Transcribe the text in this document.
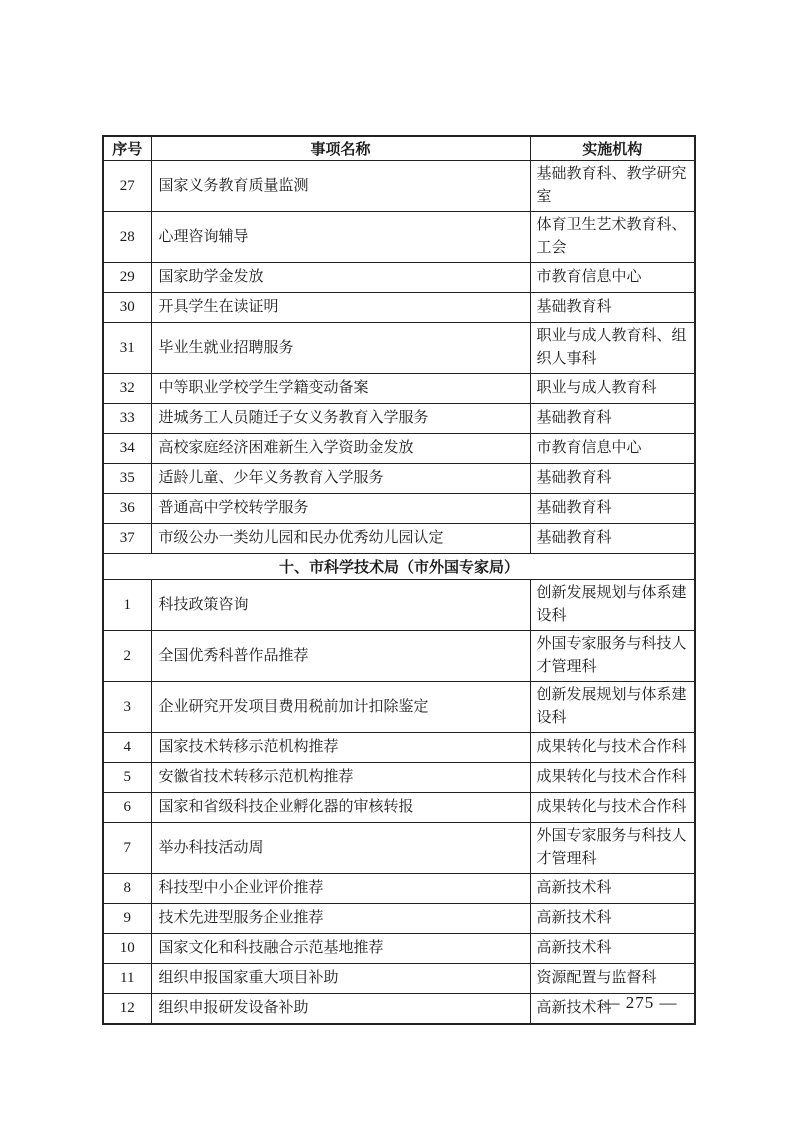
序号	事项名称	实施机构
27	国家义务教育质量监测	基础教育科、教学研究室
28	心理咨询辅导	体育卫生艺术教育科、工会
29	国家助学金发放	市教育信息中心
30	开具学生在读证明	基础教育科
31	毕业生就业招聘服务	职业与成人教育科、组织人事科
32	中等职业学校学生学籍变动备案	职业与成人教育科
33	进城务工人员随迁子女义务教育入学服务	基础教育科
34	高校家庭经济困难新生入学资助金发放	市教育信息中心
35	适龄儿童、少年义务教育入学服务	基础教育科
36	普通高中学校转学服务	基础教育科
37	市级公办一类幼儿园和民办优秀幼儿园认定	基础教育科
十、市科学技术局（市外国专家局）		
1	科技政策咨询	创新发展规划与体系建设科
2	全国优秀科普作品推荐	外国专家服务与科技人才管理科
3	企业研究开发项目费用税前加计扣除鉴定	创新发展规划与体系建设科
4	国家技术转移示范机构推荐	成果转化与技术合作科
5	安徽省技术转移示范机构推荐	成果转化与技术合作科
6	国家和省级科技企业孵化器的审核转报	成果转化与技术合作科
7	举办科技活动周	外国专家服务与科技人才管理科
8	科技型中小企业评价推荐	高新技术科
9	技术先进型服务企业推荐	高新技术科
10	国家文化和科技融合示范基地推荐	高新技术科
11	组织申报国家重大项目补助	资源配置与监督科
12	组织申报研发设备补助	高新技术科
— 275 —
